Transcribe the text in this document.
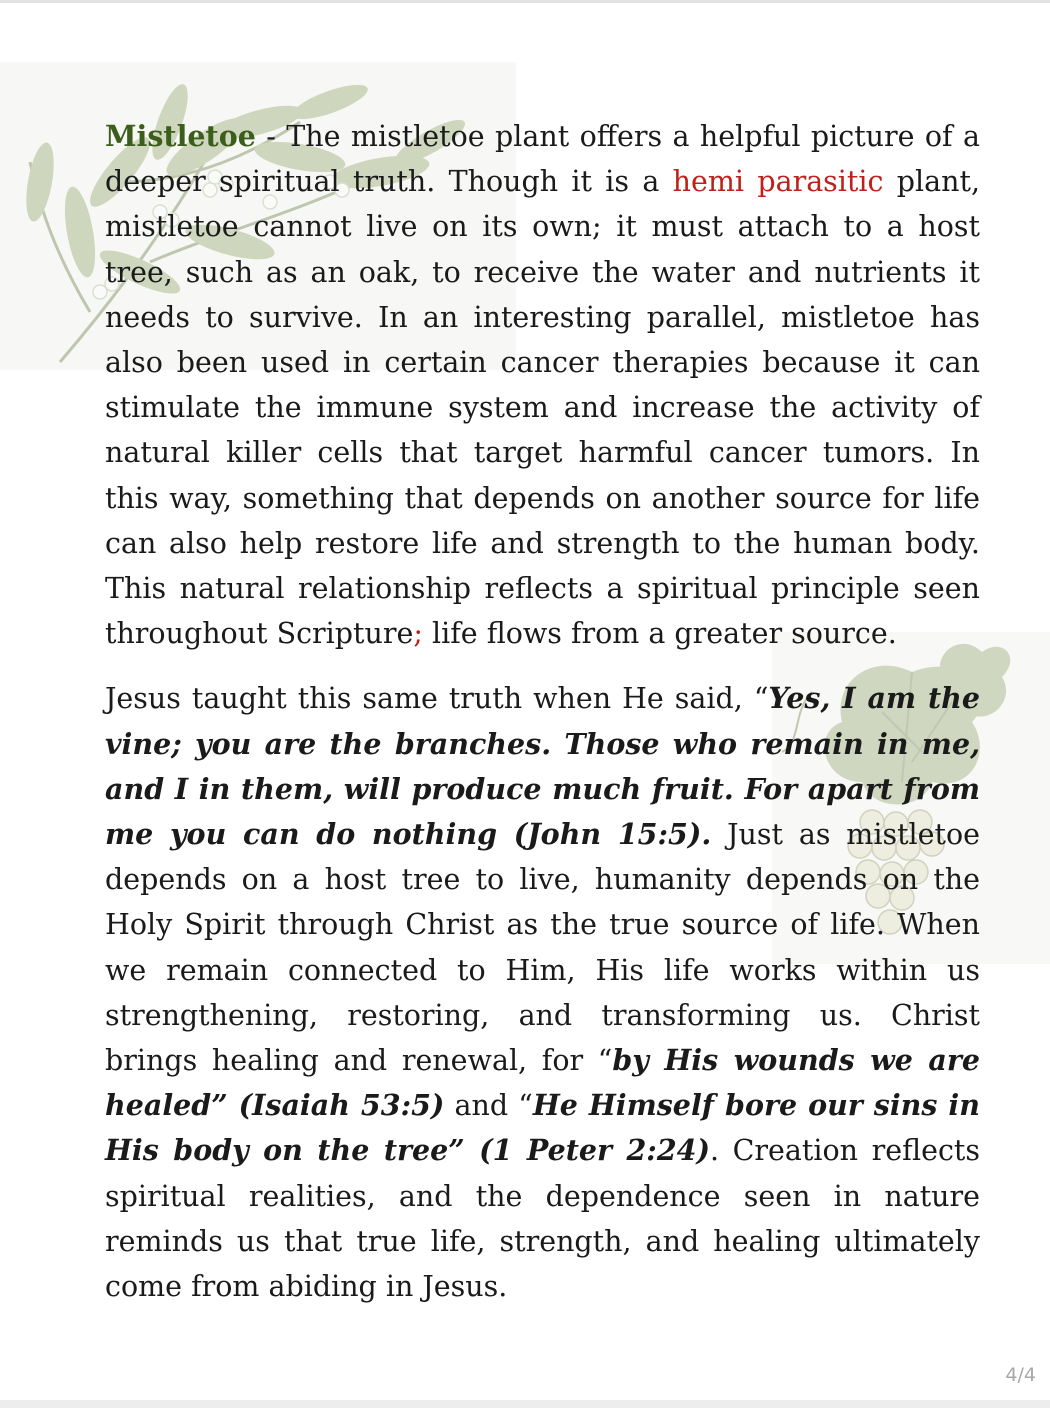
Mistletoe - The mistletoe plant offers a helpful picture of a deeper spiritual truth. Though it is a hemi parasitic plant, mistletoe cannot live on its own; it must attach to a host tree, such as an oak, to receive the water and nutrients it needs to survive. In an interesting parallel, mistletoe has also been used in certain cancer therapies because it can stimulate the immune system and increase the activity of natural killer cells that target harmful cancer tumors. In this way, something that depends on another source for life can also help restore life and strength to the human body. This natural relationship reflects a spiritual principle seen throughout Scripture; life flows from a greater source.

Jesus taught this same truth when He said, “Yes, I am the vine; you are the branches. Those who remain in me, and I in them, will produce much fruit. For apart from me you can do nothing (John 15:5). Just as mistletoe depends on a host tree to live, humanity depends on the Holy Spirit through Christ as the true source of life. When we remain connected to Him, His life works within us strengthening, restoring, and transforming us. Christ brings healing and renewal, for “by His wounds we are healed” (Isaiah 53:5) and “He Himself bore our sins in His body on the tree” (1 Peter 2:24). Creation reflects spiritual realities, and the dependence seen in nature reminds us that true life, strength, and healing ultimately come from abiding in Jesus.

4/4
